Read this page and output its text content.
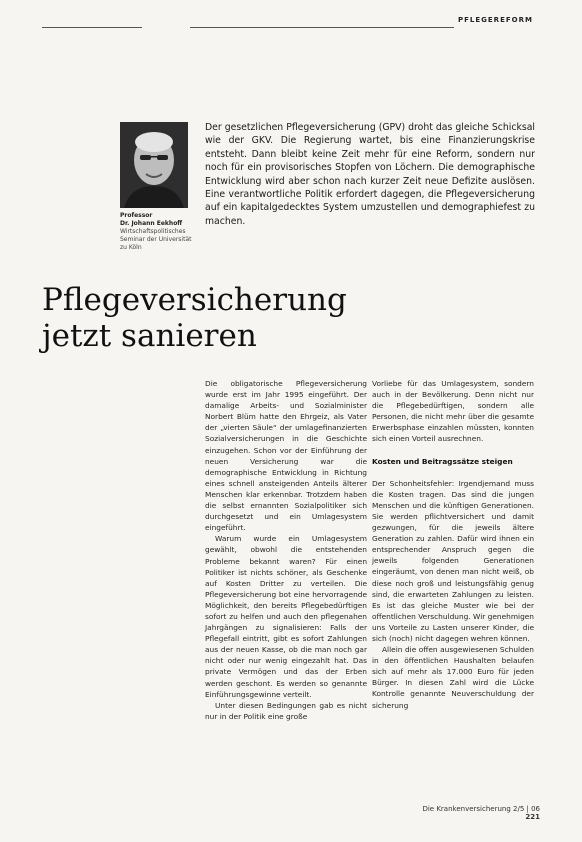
PFLEGEREFORM
Professor
Dr. Johann Eekhoff
Wirtschaftspolitisches Seminar der Universität zu Köln
Der gesetzlichen Pflegeversicherung (GPV) droht das gleiche Schicksal wie der GKV. Die Regierung wartet, bis eine Finanzierungskrise entsteht. Dann bleibt keine Zeit mehr für eine Reform, sondern nur noch für ein provisorisches Stopfen von Löchern. Die demographische Entwicklung wird aber schon nach kurzer Zeit neue Defizite auslösen. Eine verantwortliche Politik erfordert dagegen, die Pflegeversicherung auf ein kapitalgedecktes System umzustellen und demographiefest zu machen.
Pflegeversicherung
jetzt sanieren

Die obligatorische Pflegeversicherung wurde erst im Jahr 1995 eingeführt. Der damalige Arbeits- und Sozialminister Norbert Blüm hatte den Ehrgeiz, als Vater der „vierten Säule“ der umlagefinanzierten Sozialversicherungen in die Geschichte einzugehen. Schon vor der Einführung der neuen Versicherung war die demographische Entwicklung in Richtung eines schnell ansteigenden Anteils älterer Menschen klar erkennbar. Trotzdem haben die selbst ernannten Sozialpolitiker sich durchgesetzt und ein Umlagesystem eingeführt.

Warum wurde ein Umlagesystem gewählt, obwohl die entstehenden Probleme bekannt waren? Für einen Politiker ist nichts schöner, als Geschenke auf Kosten Dritter zu verteilen. Die Pflegeversicherung bot eine hervorragende Möglichkeit, den bereits Pflegebedürftigen sofort zu helfen und auch den pflegenahen Jahrgängen zu signalisieren: Falls der Pflegefall eintritt, gibt es sofort Zahlungen aus der neuen Kasse, ob die man noch gar nicht oder nur wenig eingezahlt hat. Das private Vermögen und das der Erben werden geschont. Es werden so genannte Einführungsgewinne verteilt.

Unter diesen Bedingungen gab es nicht nur in der Politik eine große

Vorliebe für das Umlagesystem, sondern auch in der Bevölkerung. Denn nicht nur die Pflegebedürftigen, sondern alle Personen, die nicht mehr über die gesamte Erwerbsphase einzahlen müssten, konnten sich einen Vorteil ausrechnen.

Kosten und Beitragssätze steigen

Der Schonheitsfehler: Irgendjemand muss die Kosten tragen. Das sind die jungen Menschen und die künftigen Generationen. Sie werden pflichtversichert und damit gezwungen, für die jeweils ältere Generation zu zahlen. Dafür wird ihnen ein entsprechender Anspruch gegen die jeweils folgenden Generationen eingeräumt, von denen man nicht weiß, ob diese noch groß und leistungsfähig genug sind, die erwarteten Zahlungen zu leisten. Es ist das gleiche Muster wie bei der offentlichen Verschuldung. Wir genehmigen uns Vorteile zu Lasten unserer Kinder, die sich (noch) nicht dagegen wehren können.

Allein die offen ausgewiesenen Schulden in den öffentlichen Haushalten belaufen sich auf mehr als 17.000 Euro für jeden Bürger. In diesen Zahl wird die Lücke Kontrolle genannte Neuverschuldung der sicherung

Die Krankenversicherung 2/5 | 06 221
